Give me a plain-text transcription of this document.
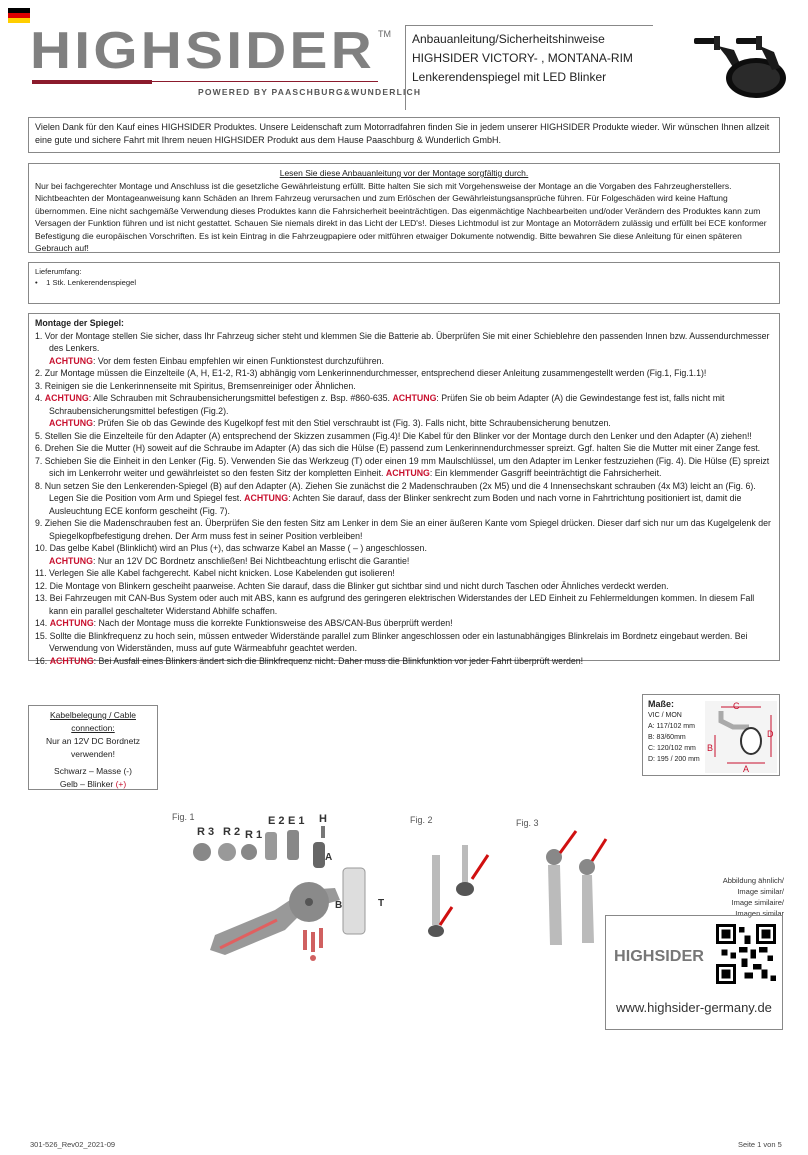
HIGHSIDER TM
POWERED BY PAASCHBURG&WUNDERLICH
Anbauanleitung/Sicherheitshinweise
HIGHSIDER VICTORY- , MONTANA-RIM
Lenkerendenspiegel mit LED Blinker
Vielen Dank für den Kauf eines HIGHSIDER Produktes. Unsere Leidenschaft zum Motorradfahren finden Sie in jedem unserer HIGHSIDER Produkte wieder. Wir wünschen Ihnen allzeit eine gute und sichere Fahrt mit Ihrem neuen HIGHSIDER Produkt aus dem Hause Paaschburg & Wunderlich GmbH.
Lesen Sie diese Anbauanleitung vor der Montage sorgfältig durch.
Nur bei fachgerechter Montage und Anschluss ist die gesetzliche Gewährleistung erfüllt. Bitte halten Sie sich mit Vorgehensweise der Montage an die Vorgaben des Fahrzeugherstellers. Nichtbeachten der Montageanweisung kann Schäden an Ihrem Fahrzeug verursachen und zum Erlöschen der Gewährleistungsansprüche führen. Für Folgeschäden wird keine Haftung übernommen. Eine nicht sachgemäße Verwendung dieses Produktes kann die Fahrsicherheit beeinträchtigen. Das eigenmächtige Nachbearbeiten und/oder Verändern des Produktes kann zum Versagen der Funktion führen und ist nicht gestattet. Schauen Sie niemals direkt in das Licht der LED's!. Dieses Lichtmodul ist zur Montage an Motorrädern zulässig und erfüllt bei ECE konformer Befestigung die europäischen Vorschriften. Es ist kein Eintrag in die Fahrzeugpapiere oder mitführen etwaiger Dokumente notwendig. Bitte bewahren Sie diese Anleitung für einen späteren Gebrauch auf!
Lieferumfang:
•    1 Stk. Lenkerendenspiegel
Montage der Spiegel:
1. Vor der Montage stellen Sie sicher, dass Ihr Fahrzeug sicher steht und klemmen Sie die Batterie ab. Überprüfen Sie mit einer Schieblehre den passenden Innen bzw. Aussendurchmesser des Lenkers.
ACHTUNG: Vor dem festen Einbau empfehlen wir einen Funktionstest durchzuführen.
2. Zur Montage müssen die Einzelteile (A, H, E1-2, R1-3) abhängig vom Lenkerinnendurchmesser, entsprechend dieser Anleitung zusammengestellt werden (Fig.1, Fig.1.1)!
3. Reinigen sie die Lenkerinnenseite mit Spiritus, Bremsenreiniger oder Ähnlichen.
4. ACHTUNG: Alle Schrauben mit Schraubensicherungsmittel befestigen z. Bsp. #860-635. ACHTUNG: Prüfen Sie ob beim Adapter (A) die Gewindestange fest ist, falls nicht mit Schraubensicherungsmittel befestigen (Fig.2).
ACHTUNG: Prüfen Sie ob das Gewinde des Kugelkopf fest mit den Stiel verschraubt ist (Fig. 3). Falls nicht, bitte Schraubensicherung benutzen.
5. Stellen Sie die Einzelteile für den Adapter (A) entsprechend der Skizzen zusammen (Fig.4)! Die Kabel für den Blinker vor der Montage durch den Lenker und den Adapter (A) ziehen!!
6. Drehen Sie die Mutter (H) soweit auf die Schraube im Adapter (A) das sich die Hülse (E) passend zum Lenkerinnendurchmesser spreizt. Ggf. halten Sie die Mutter mit einer Zange fest.
7. Schieben Sie die Einheit in den Lenker (Fig. 5). Verwenden Sie das Werkzeug (T) oder einen 19 mm Maulschlüssel, um den Adapter im Lenker festzuziehen (Fig. 4). Die Hülse (E) spreizt sich im Lenkerrohr weiter und gewährleistet so den festen Sitz der kompletten Einheit. ACHTUNG: Ein klemmender Gasgriff beeinträchtigt die Fahrsicherheit.
8. Nun setzen Sie den Lenkerenden-Spiegel (B) auf den Adapter (A). Ziehen Sie zunächst die 2 Madenschrauben (2x M5) und die 4 Innensechskant schrauben (4x M3) leicht an (Fig. 6). Legen Sie die Position vom Arm und Spiegel fest. ACHTUNG: Achten Sie darauf, dass der Blinker senkrecht zum Boden und nach vorne in Fahrtrichtung positioniert ist, damit die Ausleuchtung ECE konform gescheiht (Fig. 7).
9. Ziehen Sie die Madenschrauben fest an. Überprüfen Sie den festen Sitz am Lenker in dem Sie an einer äußeren Kante vom Spiegel drücken. Dieser darf sich nur um das Kugelgelenk der Spiegelkopfbefestigung drehen. Der Arm muss fest in seiner Position verbleiben!
10. Das gelbe Kabel (Blinklicht) wird an Plus (+), das schwarze Kabel an Masse ( – ) angeschlossen.
ACHTUNG: Nur an 12V DC Bordnetz anschließen! Bei Nichtbeachtung erlischt die Garantie!
11. Verlegen Sie alle Kabel fachgerecht. Kabel nicht knicken. Lose Kabelenden gut isolieren!
12. Die Montage von Blinkern gescheiht paarweise. Achten Sie darauf, dass die Blinker gut sichtbar sind und nicht durch Taschen oder Ähnliches verdeckt werden.
13. Bei Fahrzeugen mit CAN-Bus System oder auch mit ABS, kann es aufgrund des geringeren elektrischen Widerstandes der LED Einheit zu Fehlermeldungen kommen. In diesem Fall kann ein parallel geschalteter Widerstand Abhilfe schaffen.
14. ACHTUNG: Nach der Montage muss die korrekte Funktionsweise des ABS/CAN-Bus überprüft werden!
15. Sollte die Blinkfrequenz zu hoch sein, müssen entweder Widerstände parallel zum Blinker angeschlossen oder ein lastunabhängiges Blinkrelais im Bordnetz eingebaut werden. Bei Verwendung von Widerständen, muss auf gute Wärmeabfuhr geachtet werden.
16. ACHTUNG: Bei Ausfall eines Blinkers ändert sich die Blinkfrequenz nicht. Daher muss die Blinkfunktion vor jeder Fahrt überprüft werden!
Kabelbelegung / Cable connection:
Nur an 12V DC Bordnetz
verwenden!
Schwarz – Masse (-)
Gelb – Blinker (+)
Maße:
VIC / MON
A: 117/102 mm
B: 83/60mm
C: 120/102 mm
D: 195 / 200 mm
C
B
D
A
Fig. 1
R 3 R 2 R 1
E 2 E 1 H
A
B	T
Fig. 2	Fig. 3
Abbildung ähnlich/
Image similar/
Image similaire/
Imagen similar
HIGHSIDER
www.highsider-germany.de
301-526_Rev02_2021-09	Seite 1 von 5
